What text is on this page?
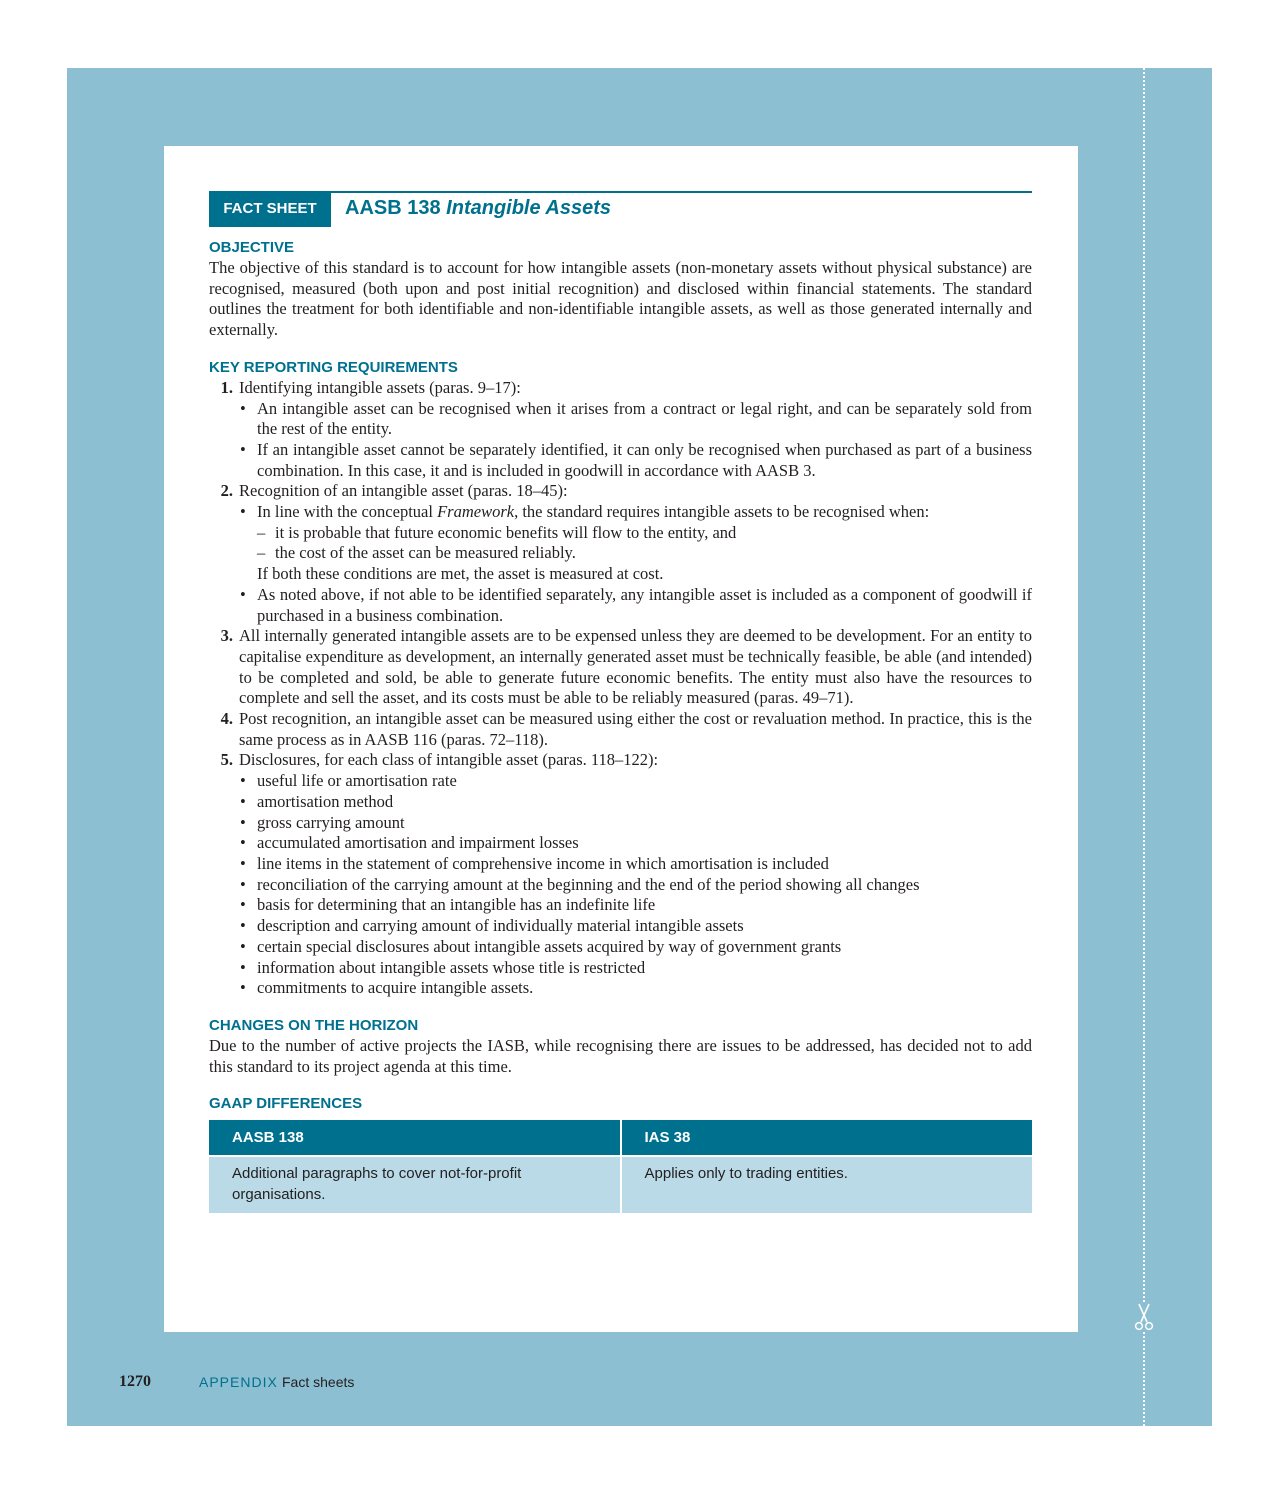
FACT SHEET	AASB 138 Intangible Assets
OBJECTIVE

The objective of this standard is to account for how intangible assets (non-monetary assets without physical substance) are recognised, measured (both upon and post initial recognition) and disclosed within financial statements. The standard outlines the treatment for both identifiable and non-identifiable intangible assets, as well as those generated internally and externally.

KEY REPORTING REQUIREMENTS
1. Identifying intangible assets (paras. 9–17):
• An intangible asset can be recognised when it arises from a contract or legal right, and can be separately sold from the rest of the entity.
• If an intangible asset cannot be separately identified, it can only be recognised when purchased as part of a business combination. In this case, it and is included in goodwill in accordance with AASB 3.
2. Recognition of an intangible asset (paras. 18–45):
• In line with the conceptual Framework, the standard requires intangible assets to be recognised when:
– it is probable that future economic benefits will flow to the entity, and
– the cost of the asset can be measured reliably.

If both these conditions are met, the asset is measured at cost.

• As noted above, if not able to be identified separately, any intangible asset is included as a component of goodwill if purchased in a business combination.
3. All internally generated intangible assets are to be expensed unless they are deemed to be development. For an entity to capitalise expenditure as development, an internally generated asset must be technically feasible, be able (and intended) to be completed and sold, be able to generate future economic benefits. The entity must also have the resources to complete and sell the asset, and its costs must be able to be reliably measured (paras. 49–71).

4. Post recognition, an intangible asset can be measured using either the cost or revaluation method. In practice, this is the same process as in AASB 116 (paras. 72–118).

5. Disclosures, for each class of intangible asset (paras. 118–122):
• useful life or amortisation rate
• amortisation method
• gross carrying amount
• accumulated amortisation and impairment losses
• line items in the statement of comprehensive income in which amortisation is included
• reconciliation of the carrying amount at the beginning and the end of the period showing all changes
• basis for determining that an intangible has an indefinite life
• description and carrying amount of individually material intangible assets
• certain special disclosures about intangible assets acquired by way of government grants
• information about intangible assets whose title is restricted
• commitments to acquire intangible assets.
CHANGES ON THE HORIZON

Due to the number of active projects the IASB, while recognising there are issues to be addressed, has decided not to add this standard to its project agenda at this time.

GAAP DIFFERENCES
AASB 138	IAS 38
Additional paragraphs to cover not-for-profit organisations.	Applies only to trading entities.
1270	APPENDIX Fact sheets
